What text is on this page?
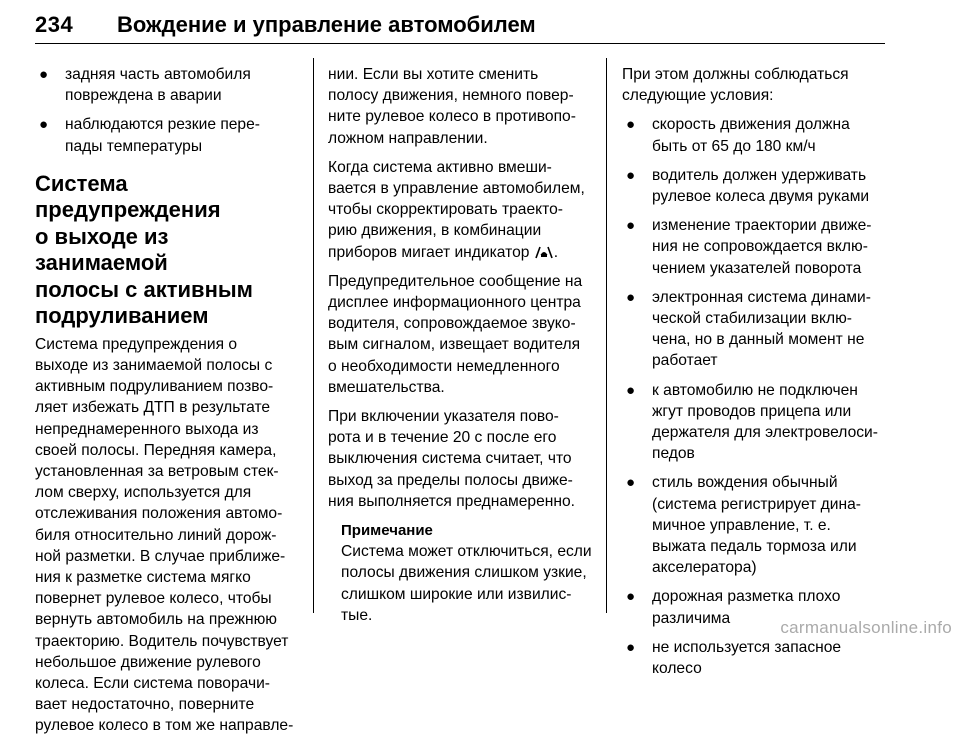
234	Вождение и управление автомобилем
● задняя часть автомобиля
повреждена в аварии

● наблюдаются резкие пере-
пады температуры

Система предупреждения
о выходе из занимаемой
полосы с активным
подруливанием

Система предупреждения о
выходе из занимаемой полосы с
активным подруливанием позво-
ляет избежать ДТП в результате
непреднамеренного выхода из
своей полосы. Передняя камера,
установленная за ветровым стек-
лом сверху, используется для
отслеживания положения автомо-
биля относительно линий дорож-
ной разметки. В случае приближе-
ния к разметке система мягко
повернет рулевое колесо, чтобы
вернуть автомобиль на прежнюю
траекторию. Водитель почувствует
небольшое движение рулевого
колеса. Если система поворачи-
вает недостаточно, поверните
рулевое колесо в том же направле-

нии. Если вы хотите сменить
полосу движения, немного повер-
ните рулевое колесо в противопо-
ложном направлении.

Когда система активно вмеши-
вается в управление автомобилем,
чтобы скорректировать траекто-
рию движения, в комбинации
приборов мигает индикатор .
Предупредительное сообщение на
дисплее информационного центра
водителя, сопровождаемое звуко-
вым сигналом, извещает водителя
о необходимости немедленного
вмешательства.

При включении указателя пово-
рота и в течение 20 с после его
выключения система считает, что
выход за пределы полосы движе-
ния выполняется преднамеренно.

Примечание
Система может отключиться, если
полосы движения слишком узкие,
слишком широкие или извилис-
тые.

При этом должны соблюдаться
следующие условия:

● скорость движения должна
быть от 65 до 180 км/ч

● водитель должен удерживать
рулевое колеса двумя руками

● изменение траектории движе-
ния не сопровождается вклю-
чением указателей поворота

● электронная система динами-
ческой стабилизации вклю-
чена, но в данный момент не
работает

● к автомобилю не подключен
жгут проводов прицепа или
держателя для электровелоси-
педов

● стиль вождения обычный
(система регистрирует дина-
мичное управление, т. е.
выжата педаль тормоза или
акселератора)

● дорожная разметка плохо
различима

● не используется запасное
колесо

carmanualsonline.info
